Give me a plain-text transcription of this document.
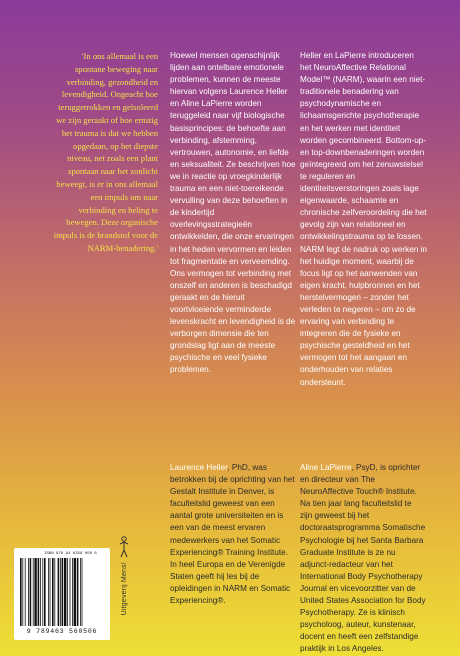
'In ons allemaal is een spontane beweging naar verbinding, gezondheid en levendigheid. Ongeacht hoe teruggetrokken en geïsoleerd we zijn geraakt of hoe ernstig het trauma is dat we hebben opgedaan, op het diepste niveau, net zoals een plant spontaan naar het zonlicht beweegt, is er in ons allemaal een impuls om naar verbinding en heling te bewegen. Deze organische impuls is de brandstof voor de NARM-benadering.'

Hoewel mensen ogenschijnlijk lijden aan ontelbare emotionele problemen, kunnen de meeste hiervan volgens Laurence Heller en Aline LaPierre worden teruggeleid naar vijf biologische basisprincipes: de behoefte aan verbinding, afstemming, vertrouwen, autonomie, en liefde en seksualiteit. Ze beschrijven hoe we in reactie op vroegkinderlijk trauma en een niet-toereikende vervulling van deze behoeften in de kindertijd overlevingsstrategieën ontwikkelden, die onze ervaringen in het heden vervormen en leiden tot fragmentatie en verveemding. Ons vermogen tot verbinding met onszelf en anderen is beschadigd geraakt en de hieruit voortvloeiende verminderde levenskracht en levendigheid is de verborgen dimensie die ten grondslag ligt aan de meeste psychische en veel fysieke problemen.

Heller en LaPierre introduceren het NeuroAffective Relational Model™ (NARM), waarin een niet-traditionele benadering van psychodynamische en lichaamsgerichte psychotherapie en het werken met identiteit worden gecombineerd. Bottom-up- en top-downbenaderingen worden geïntegreerd om het zenuwstelsel te reguleren en identiteitsverstoringen zoals lage eigenwaarde, schaamte en chronische zelfveroordeling die het gevolg zijn van relationeel en ontwikkelingstrauma op te lossen. NARM legt de nadruk op werken in het huidige moment, waarbij de focus ligt op het aanwenden van eigen kracht, hulpbronnen en het herstelvermogen – zonder het verleden te negeren – om zo de ervaring van verbinding te integreren die de fysieke en psychische gesteldheid en het vermogen tot het aangaan en onderhouden van relaties ondersteunt.

Laurence Heller, PhD, was betrokken bij de oprichting van het Gestalt Institute in Denver, is faculteitslid geweest van een aantal grote universiteiten en is een van de meest ervaren medewerkers van het Somatic Experiencing® Training Institute. In heel Europa en de Verenigde Staten geeft hij les bij de opleidingen in NARM en Somatic Experiencing®.

Aline LaPierre, PsyD, is oprichter en directeur van The NeuroAffective Touch® Institute. Na tien jaar lang faculteitslid te zijn geweest bij het doctoraatsprogramma Somatische Psychologie bij het Santa Barbara Graduate Institute is ze nu adjunct-redacteur van het International Body Psychotherapy Journal en vicevoorzitter van de United States Association for Body Psychotherapy. Ze is klinisch psycholoog, auteur, kunstenaar, docent en heeft een zelfstandige praktijk in Los Angeles.

Uitgeverij Mens!
ISBN 978 94 6356 050 6
9 789463 560506
